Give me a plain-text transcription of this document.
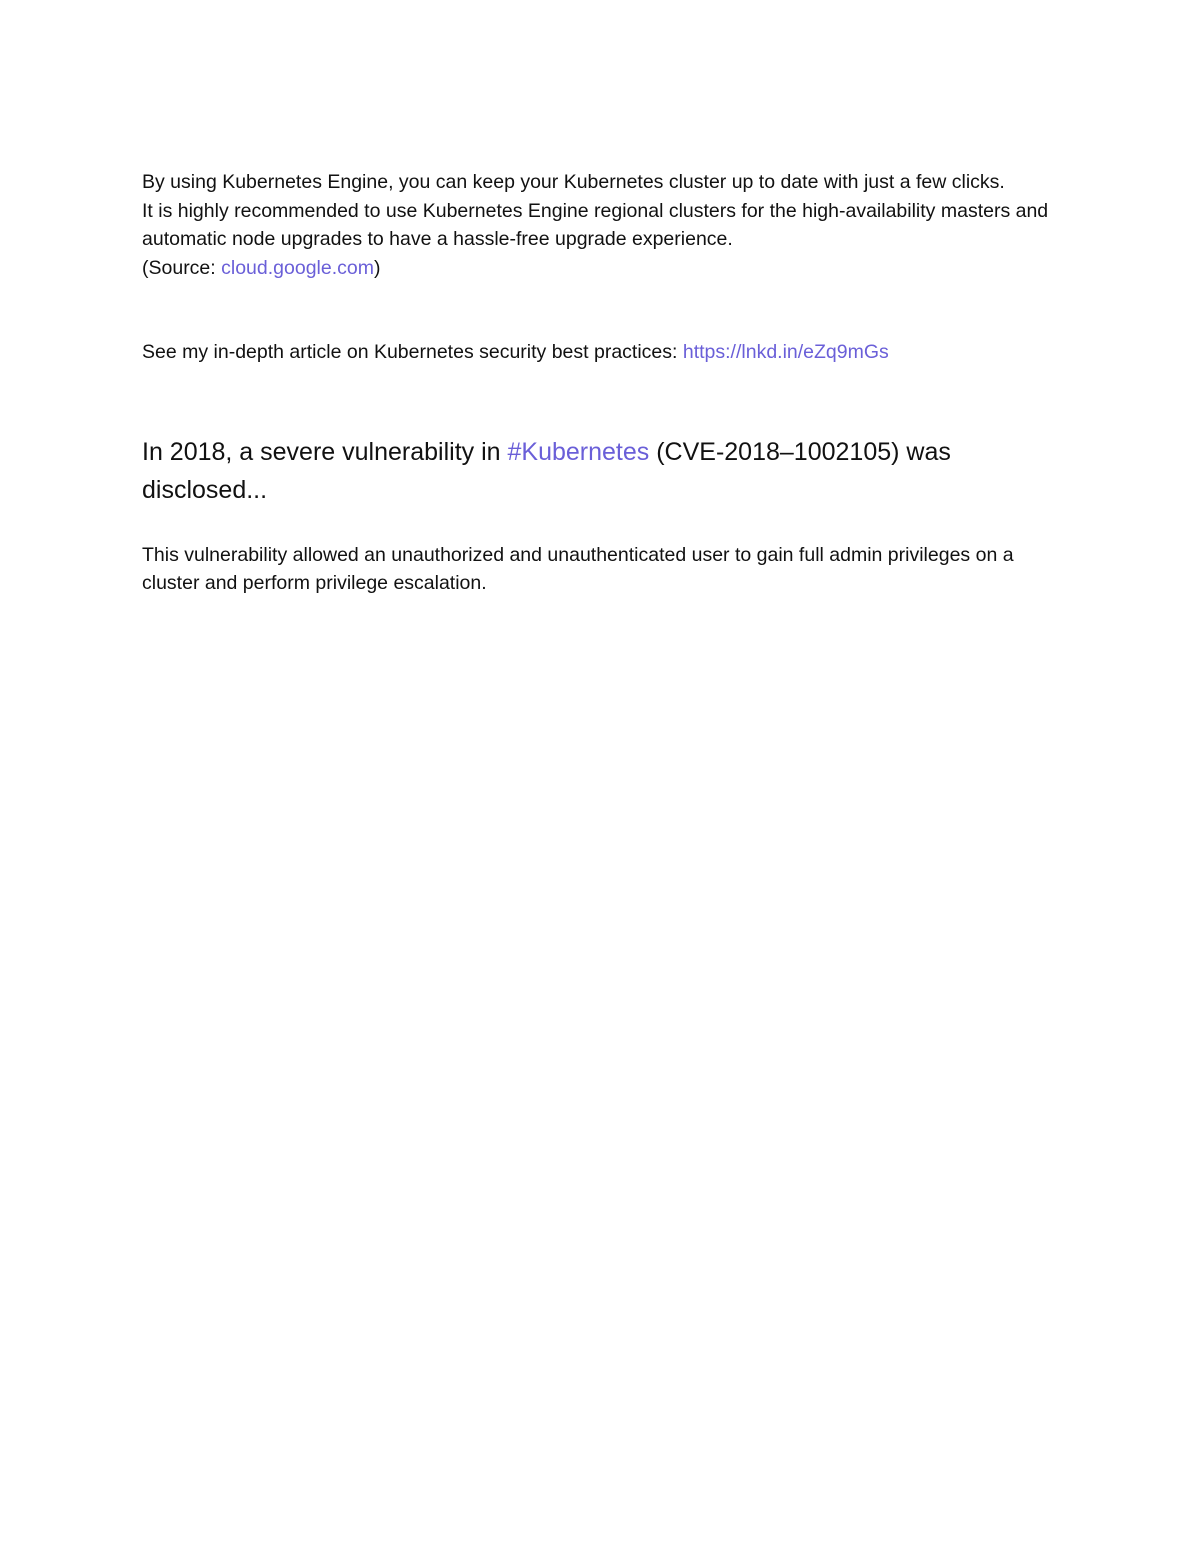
By using Kubernetes Engine, you can keep your Kubernetes cluster up to date with just a few clicks.
It is highly recommended to use Kubernetes Engine regional clusters for the high-availability masters and automatic node upgrades to have a hassle-free upgrade experience.
(Source: cloud.google.com)

See my in-depth article on Kubernetes security best practices: https://lnkd.in/eZq9mGs

In 2018, a severe vulnerability in #Kubernetes (CVE-2018–1002105) was disclosed...

This vulnerability allowed an unauthorized and unauthenticated user to gain full admin privileges on a cluster and perform privilege escalation.
